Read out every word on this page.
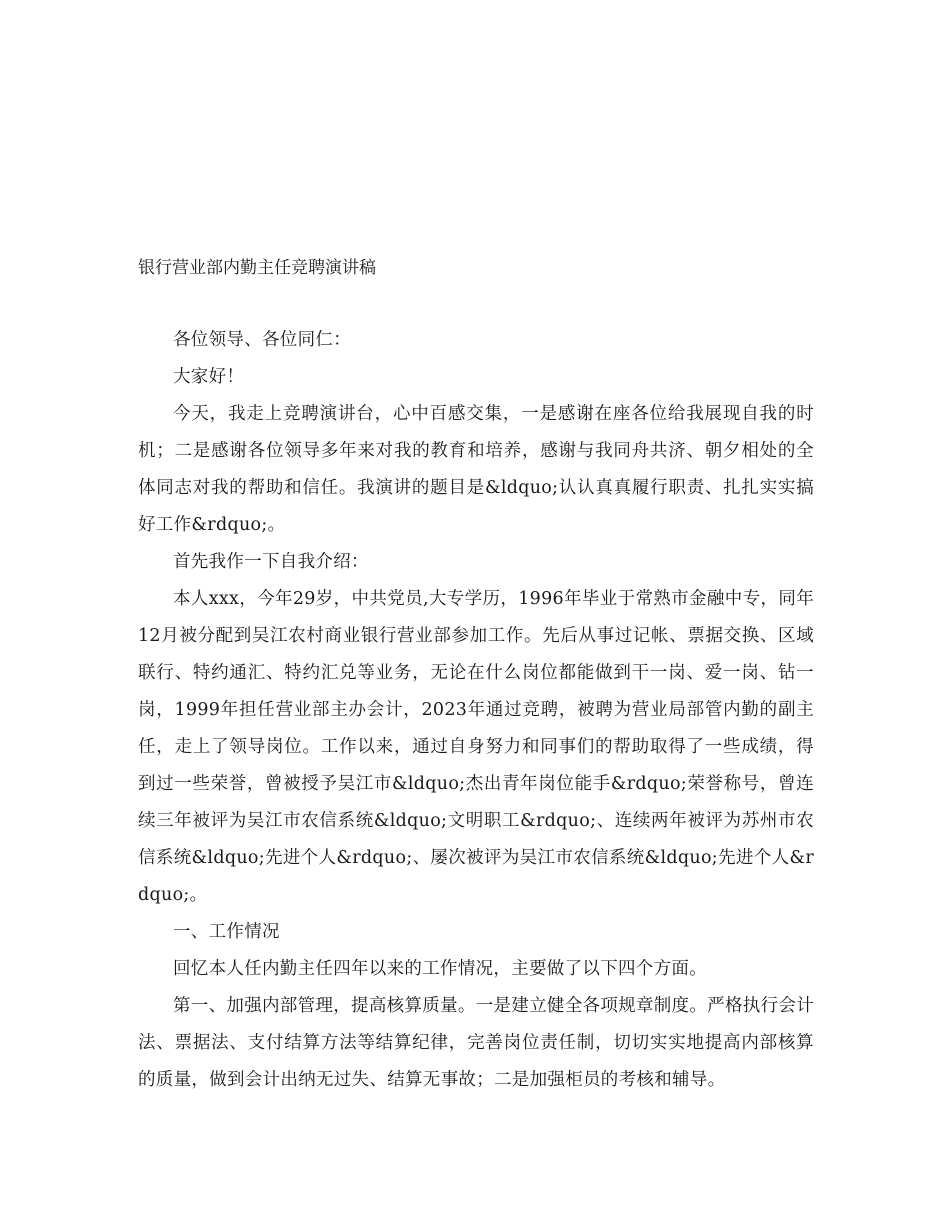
银行营业部内勤主任竞聘演讲稿

各位领导、各位同仁：

大家好！

今天，我走上竞聘演讲台，心中百感交集，一是感谢在座各位给我展现自我的时机；二是感谢各位领导多年来对我的教育和培养，感谢与我同舟共济、朝夕相处的全体同志对我的帮助和信任。我演讲的题目是&ldquo;认认真真履行职责、扎扎实实搞好工作&rdquo;。

首先我作一下自我介绍：

本人xxx，今年29岁，中共党员,大专学历，1996年毕业于常熟市金融中专，同年12月被分配到吴江农村商业银行营业部参加工作。先后从事过记帐、票据交换、区域联行、特约通汇、特约汇兑等业务，无论在什么岗位都能做到干一岗、爱一岗、钻一岗，1999年担任营业部主办会计，2023年通过竞聘，被聘为营业局部管内勤的副主任，走上了领导岗位。工作以来，通过自身努力和同事们的帮助取得了一些成绩，得到过一些荣誉，曾被授予吴江市&ldquo;杰出青年岗位能手&rdquo;荣誉称号，曾连续三年被评为吴江市农信系统&ldquo;文明职工&rdquo;、连续两年被评为苏州市农信系统&ldquo;先进个人&rdquo;、屡次被评为吴江市农信系统&ldquo;先进个人&rdquo;。

一、工作情况

回忆本人任内勤主任四年以来的工作情况，主要做了以下四个方面。

第一、加强内部管理，提高核算质量。一是建立健全各项规章制度。严格执行会计法、票据法、支付结算方法等结算纪律，完善岗位责任制，切切实实地提高内部核算的质量，做到会计出纳无过失、结算无事故；二是加强柜员的考核和辅导。
